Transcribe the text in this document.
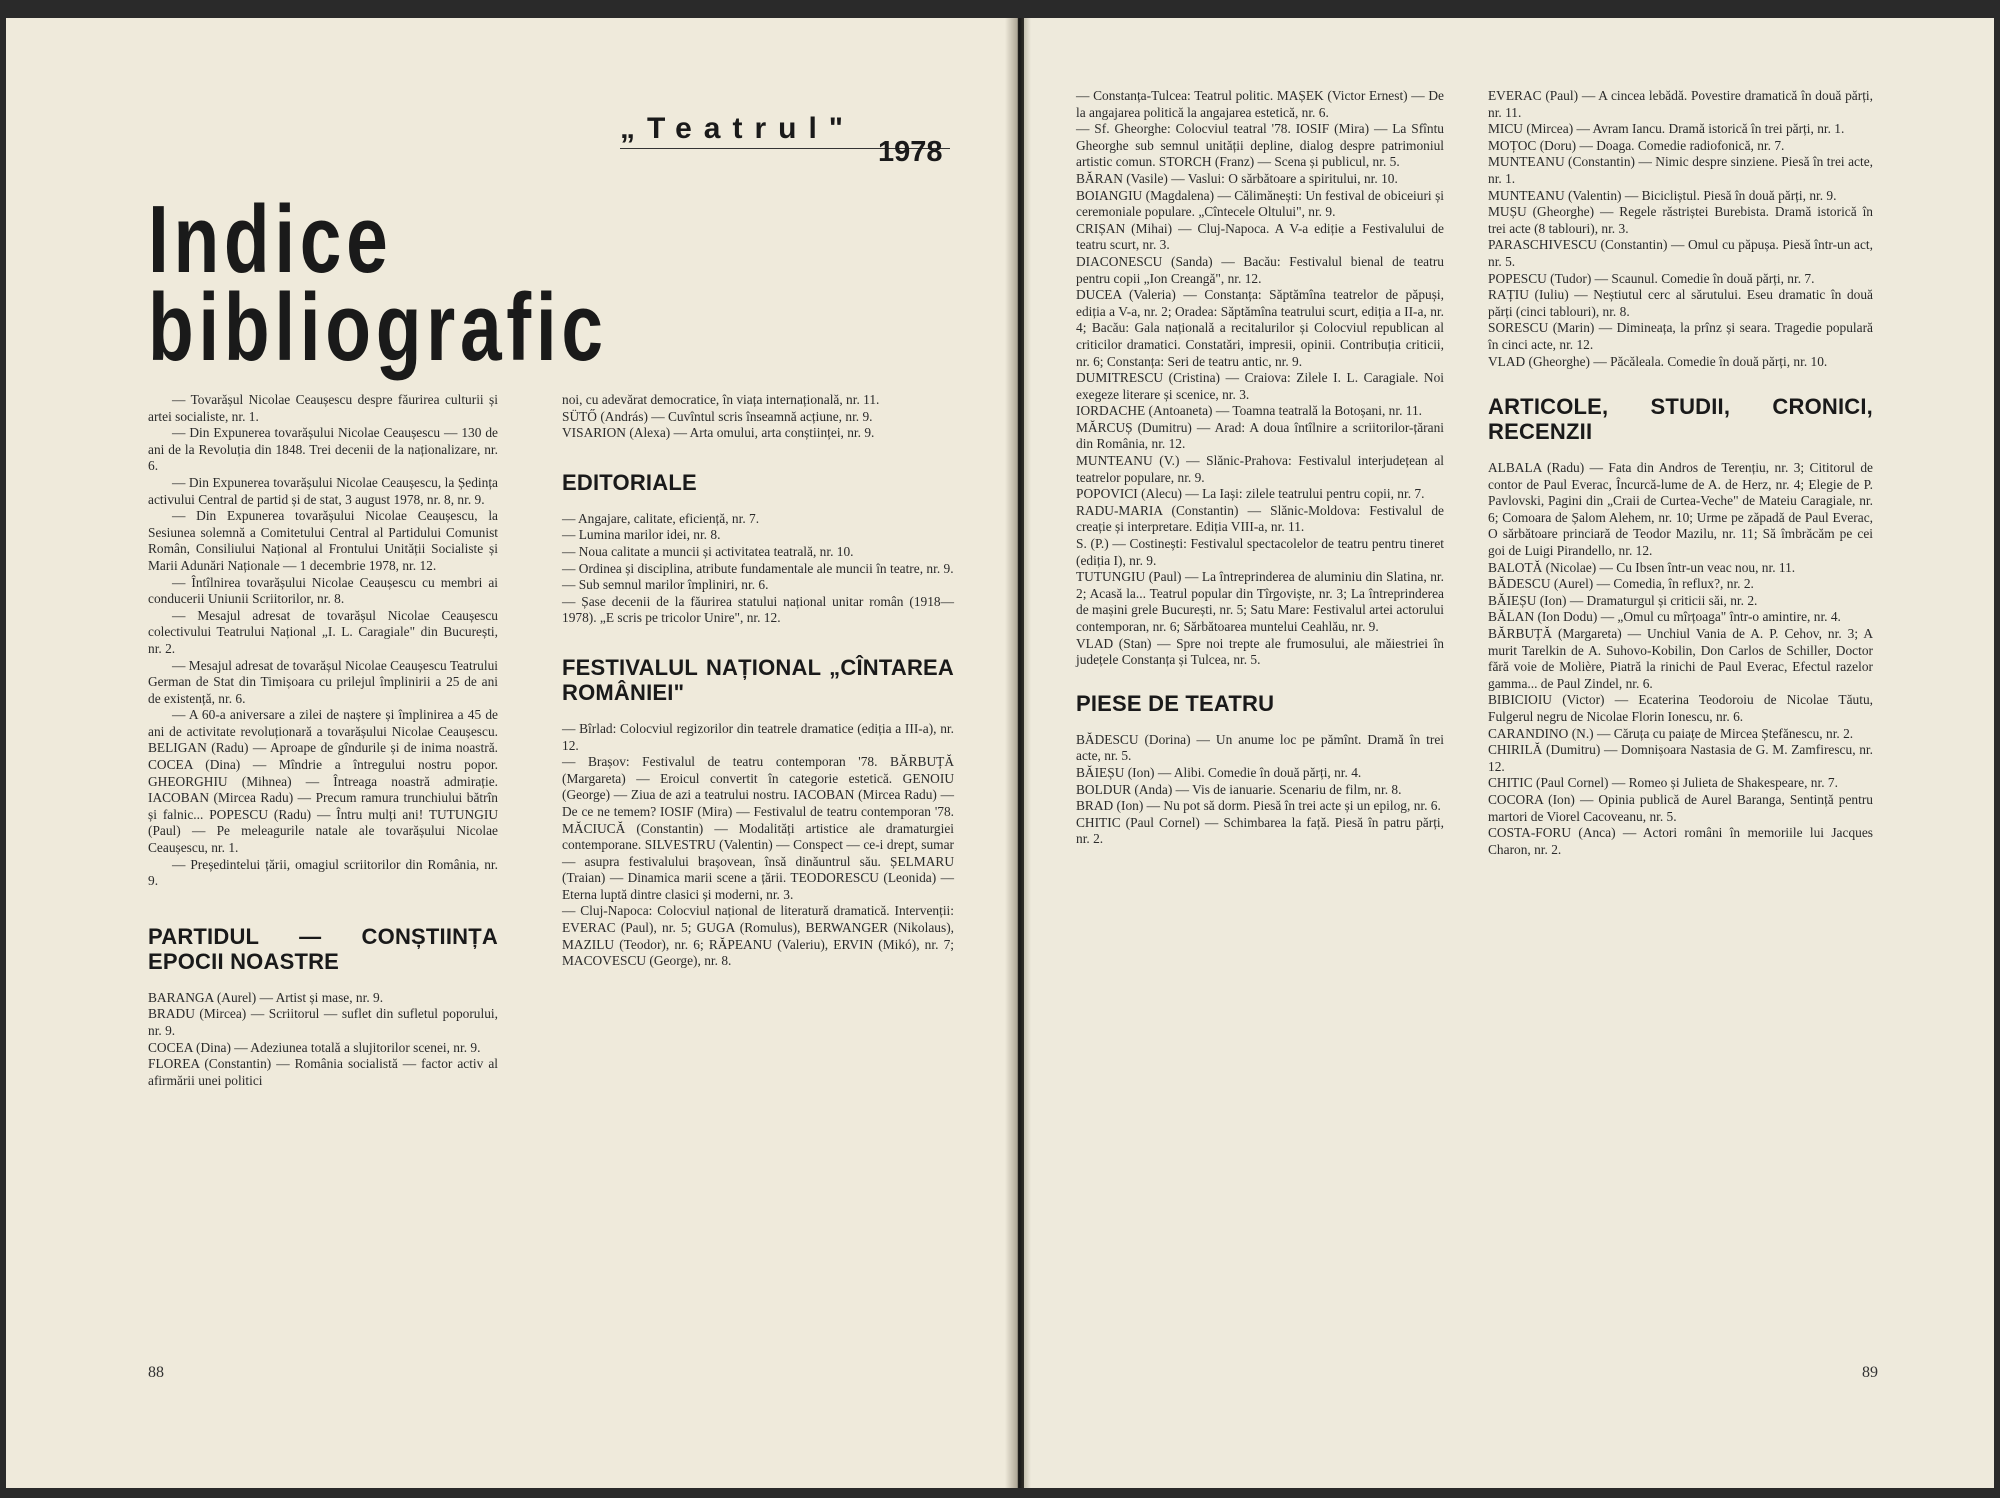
„Teatrul"
1978
Indice
bibliografic

— Tovarășul Nicolae Ceaușescu despre făurirea culturii și artei socialiste, nr. 1.

— Din Expunerea tovarășului Nicolae Ceaușescu — 130 de ani de la Revoluția din 1848. Trei decenii de la naționalizare, nr. 6.

— Din Expunerea tovarășului Nicolae Ceaușescu, la Ședința activului Central de partid și de stat, 3 august 1978, nr. 8, nr. 9.

— Din Expunerea tovarășului Nicolae Ceaușescu, la Sesiunea solemnă a Comitetului Central al Partidului Comunist Român, Consiliului Național al Frontului Unității Socialiste și Marii Adunări Naționale — 1 decembrie 1978, nr. 12.

— Întîlnirea tovarășului Nicolae Ceaușescu cu membri ai conducerii Uniunii Scriitorilor, nr. 8.

— Mesajul adresat de tovarășul Nicolae Ceaușescu colectivului Teatrului Național „I. L. Caragiale" din București, nr. 2.

— Mesajul adresat de tovarășul Nicolae Ceaușescu Teatrului German de Stat din Timișoara cu prilejul împlinirii a 25 de ani de existență, nr. 6.

— A 60-a aniversare a zilei de naștere și împlinirea a 45 de ani de activitate revoluționară a tovarășului Nicolae Ceaușescu. BELIGAN (Radu) — Aproape de gîndurile și de inima noastră. COCEA (Dina) — Mîndrie a întregului nostru popor. GHEORGHIU (Mihnea) — Întreaga noastră admirație. IACOBAN (Mircea Radu) — Precum ramura trunchiului bătrîn și falnic... POPESCU (Radu) — Întru mulți ani! TUTUNGIU (Paul) — Pe meleagurile natale ale tovarășului Nicolae Ceaușescu, nr. 1.

— Președintelui țării, omagiul scriitorilor din România, nr. 9.

PARTIDUL — CONȘTIINȚA EPOCII NOASTRE

BARANGA (Aurel) — Artist și mase, nr. 9.

BRADU (Mircea) — Scriitorul — suflet din sufletul poporului, nr. 9.

COCEA (Dina) — Adeziunea totală a slujitorilor scenei, nr. 9.

FLOREA (Constantin) — România socialistă — factor activ al afirmării unei politici

noi, cu adevărat democratice, în viața internațională, nr. 11.

SÜTŐ (András) — Cuvîntul scris înseamnă acțiune, nr. 9.

VISARION (Alexa) — Arta omului, arta conștiinței, nr. 9.

EDITORIALE

— Angajare, calitate, eficiență, nr. 7.

— Lumina marilor idei, nr. 8.

— Noua calitate a muncii și activitatea teatrală, nr. 10.

— Ordinea și disciplina, atribute fundamentale ale muncii în teatre, nr. 9.

— Sub semnul marilor împliniri, nr. 6.

— Șase decenii de la făurirea statului național unitar român (1918—1978). „E scris pe tricolor Unire", nr. 12.

FESTIVALUL NAȚIONAL „CÎNTAREA ROMÂNIEI"

— Bîrlad: Colocviul regizorilor din teatrele dramatice (ediția a III-a), nr. 12.

— Brașov: Festivalul de teatru contemporan '78. BĂRBUȚĂ (Margareta) — Eroicul convertit în categorie estetică. GENOIU (George) — Ziua de azi a teatrului nostru. IACOBAN (Mircea Radu) — De ce ne temem? IOSIF (Mira) — Festivalul de teatru contemporan '78. MĂCIUCĂ (Constantin) — Modalități artistice ale dramaturgiei contemporane. SILVESTRU (Valentin) — Conspect — ce-i drept, sumar — asupra festivalului brașovean, însă dinăuntrul său. ȘELMARU (Traian) — Dinamica marii scene a țării. TEODORESCU (Leonida) — Eterna luptă dintre clasici și moderni, nr. 3.

— Cluj-Napoca: Colocviul național de literatură dramatică. Intervenții: EVERAC (Paul), nr. 5; GUGA (Romulus), BERWANGER (Nikolaus), MAZILU (Teodor), nr. 6; RĂPEANU (Valeriu), ERVIN (Mikó), nr. 7; MACOVESCU (George), nr. 8.

88

— Constanța-Tulcea: Teatrul politic. MAȘEK (Victor Ernest) — De la angajarea politică la angajarea estetică, nr. 6.

— Sf. Gheorghe: Colocviul teatral '78. IOSIF (Mira) — La Sfîntu Gheorghe sub semnul unității depline, dialog despre patrimoniul artistic comun. STORCH (Franz) — Scena și publicul, nr. 5.

BĂRAN (Vasile) — Vaslui: O sărbătoare a spiritului, nr. 10.

BOIANGIU (Magdalena) — Călimănești: Un festival de obiceiuri și ceremoniale populare. „Cîntecele Oltului", nr. 9.

CRIȘAN (Mihai) — Cluj-Napoca. A V-a ediție a Festivalului de teatru scurt, nr. 3.

DIACONESCU (Sanda) — Bacău: Festivalul bienal de teatru pentru copii „Ion Creangă", nr. 12.

DUCEA (Valeria) — Constanța: Săptămîna teatrelor de păpuși, ediția a V-a, nr. 2; Oradea: Săptămîna teatrului scurt, ediția a II-a, nr. 4; Bacău: Gala națională a recitalurilor și Colocviul republican al criticilor dramatici. Constatări, impresii, opinii. Contribuția criticii, nr. 6; Constanța: Seri de teatru antic, nr. 9.

DUMITRESCU (Cristina) — Craiova: Zilele I. L. Caragiale. Noi exegeze literare și scenice, nr. 3.

IORDACHE (Antoaneta) — Toamna teatrală la Botoșani, nr. 11.

MĂRCUȘ (Dumitru) — Arad: A doua întîlnire a scriitorilor-țărani din România, nr. 12.

MUNTEANU (V.) — Slănic-Prahova: Festivalul interjudețean al teatrelor populare, nr. 9.

POPOVICI (Alecu) — La Iași: zilele teatrului pentru copii, nr. 7.

RADU-MARIA (Constantin) — Slănic-Moldova: Festivalul de creație și interpretare. Ediția VIII-a, nr. 11.

S. (P.) — Costinești: Festivalul spectacolelor de teatru pentru tineret (ediția I), nr. 9.

TUTUNGIU (Paul) — La întreprinderea de aluminiu din Slatina, nr. 2; Acasă la... Teatrul popular din Tîrgoviște, nr. 3; La întreprinderea de mașini grele București, nr. 5; Satu Mare: Festivalul artei actorului contemporan, nr. 6; Sărbătoarea muntelui Ceahlău, nr. 9.

VLAD (Stan) — Spre noi trepte ale frumosului, ale măiestriei în județele Constanța și Tulcea, nr. 5.

PIESE DE TEATRU

BĂDESCU (Dorina) — Un anume loc pe pămînt. Dramă în trei acte, nr. 5.

BĂIEȘU (Ion) — Alibi. Comedie în două părți, nr. 4.

BOLDUR (Anda) — Vis de ianuarie. Scenariu de film, nr. 8.

BRAD (Ion) — Nu pot să dorm. Piesă în trei acte și un epilog, nr. 6.

CHITIC (Paul Cornel) — Schimbarea la față. Piesă în patru părți, nr. 2.

EVERAC (Paul) — A cincea lebădă. Povestire dramatică în două părți, nr. 11.

MICU (Mircea) — Avram Iancu. Dramă istorică în trei părți, nr. 1.

MOȚOC (Doru) — Doaga. Comedie radiofonică, nr. 7.

MUNTEANU (Constantin) — Nimic despre sinziene. Piesă în trei acte, nr. 1.

MUNTEANU (Valentin) — Bicicliștul. Piesă în două părți, nr. 9.

MUȘU (Gheorghe) — Regele răstriștei Burebista. Dramă istorică în trei acte (8 tablouri), nr. 3.

PARASCHIVESCU (Constantin) — Omul cu păpușa. Piesă într-un act, nr. 5.

POPESCU (Tudor) — Scaunul. Comedie în două părți, nr. 7.

RAȚIU (Iuliu) — Neștiutul cerc al sărutului. Eseu dramatic în două părți (cinci tablouri), nr. 8.

SORESCU (Marin) — Dimineața, la prînz și seara. Tragedie populară în cinci acte, nr. 12.

VLAD (Gheorghe) — Păcăleala. Comedie în două părți, nr. 10.

ARTICOLE, STUDII, CRONICI, RECENZII

ALBALA (Radu) — Fata din Andros de Terențiu, nr. 3; Cititorul de contor de Paul Everac, Încurcă-lume de A. de Herz, nr. 4; Elegie de P. Pavlovski, Pagini din „Craii de Curtea-Veche" de Mateiu Caragiale, nr. 6; Comoara de Șalom Alehem, nr. 10; Urme pe zăpadă de Paul Everac, O sărbătoare princiară de Teodor Mazilu, nr. 11; Să îmbrăcăm pe cei goi de Luigi Pirandello, nr. 12.

BALOTĂ (Nicolae) — Cu Ibsen într-un veac nou, nr. 11.

BĂDESCU (Aurel) — Comedia, în reflux?, nr. 2.

BĂIEȘU (Ion) — Dramaturgul și criticii săi, nr. 2.

BĂLAN (Ion Dodu) — „Omul cu mîrțoaga" într-o amintire, nr. 4.

BĂRBUȚĂ (Margareta) — Unchiul Vania de A. P. Cehov, nr. 3; A murit Tarelkin de A. Suhovo-Kobilin, Don Carlos de Schiller, Doctor fără voie de Molière, Piatră la rinichi de Paul Everac, Efectul razelor gamma... de Paul Zindel, nr. 6.

BIBICIOIU (Victor) — Ecaterina Teodoroiu de Nicolae Tăutu, Fulgerul negru de Nicolae Florin Ionescu, nr. 6.

CARANDINO (N.) — Căruța cu paiațe de Mircea Ștefănescu, nr. 2.

CHIRILĂ (Dumitru) — Domnișoara Nastasia de G. M. Zamfirescu, nr. 12.

CHITIC (Paul Cornel) — Romeo și Julieta de Shakespeare, nr. 7.

COCORA (Ion) — Opinia publică de Aurel Baranga, Sentință pentru martori de Viorel Cacoveanu, nr. 5.

COSTA-FORU (Anca) — Actori români în memoriile lui Jacques Charon, nr. 2.

89
